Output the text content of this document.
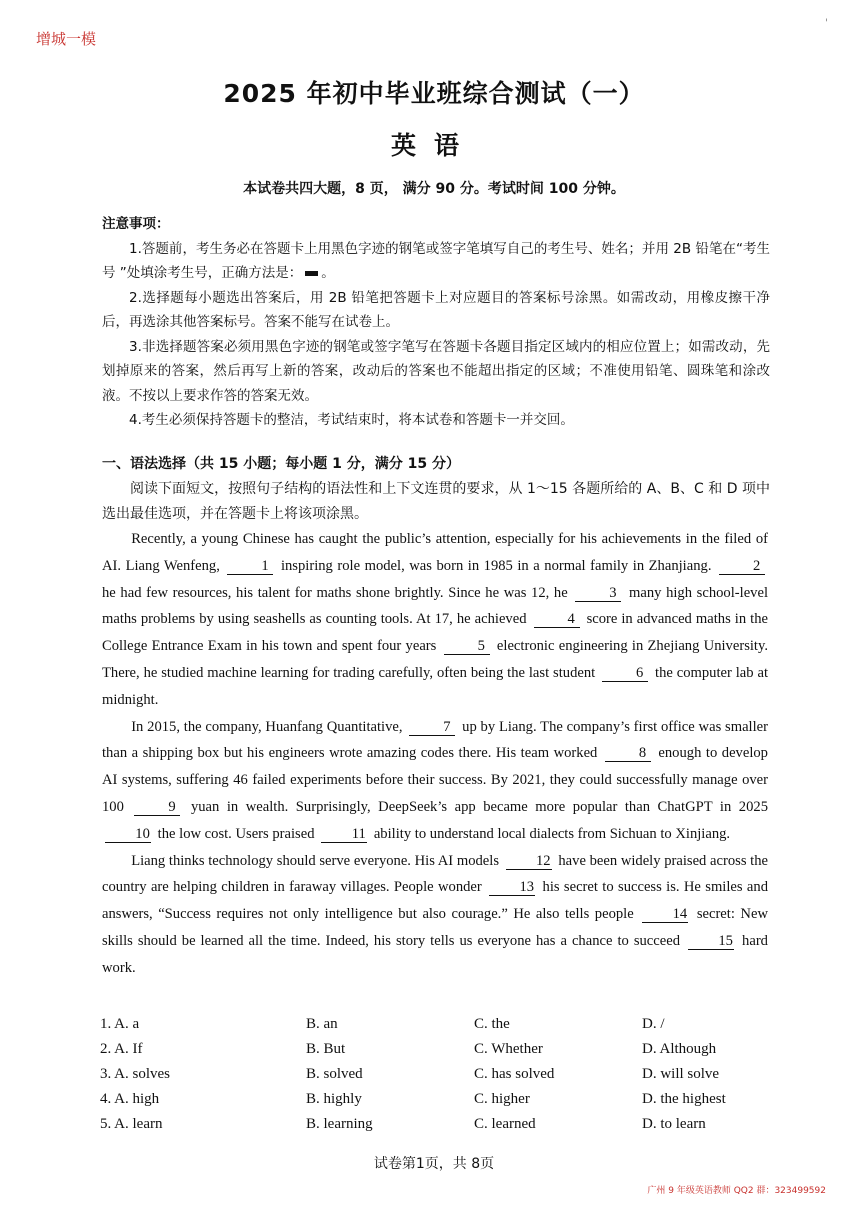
增城一模
'
2025 年初中毕业班综合测试（一）
英语
本试卷共四大题，8 页， 满分 90 分。考试时间 100 分钟。
注意事项：

1.答题前，考生务必在答题卡上用黑色字迹的钢笔或签字笔填写自己的考生号、姓名；并用 2B 铅笔在“考生号 ”处填涂考生号，正确方法是： 。

2.选择题每小题选出答案后，用 2B 铅笔把答题卡上对应题目的答案标号涂黑。如需改动，用橡皮擦干净后，再选涂其他答案标号。答案不能写在试卷上。

3.非选择题答案必须用黑色字迹的钢笔或签字笔写在答题卡各题目指定区域内的相应位置上；如需改动，先划掉原来的答案，然后再写上新的答案，改动后的答案也不能超出指定的区域；不准使用铅笔、圆珠笔和涂改液。不按以上要求作答的答案无效。

4.考生必须保持答题卡的整洁，考试结束时，将本试卷和答题卡一并交回。

一、语法选择（共 15 小题；每小题 1 分，满分 15 分）

阅读下面短文，按照句子结构的语法性和上下文连贯的要求，从 1～15 各题所给的 A、B、C 和 D 项中选出最佳选项，并在答题卡上将该项涂黑。

Recently, a young Chinese has caught the public’s attention, especially for his achievements in the filed of AI. Liang Wenfeng,	1 inspiring role model, was born in 1985 in a normal family in Zhanjiang.	2 he had few resources, his talent for maths shone brightly. Since he was 12, he	3 many high school-level maths problems by using seashells as counting tools. At 17, he achieved	4 score in advanced maths in the College Entrance Exam in his town and spent four years	5 electronic engineering in Zhejiang University. There, he studied machine learning for trading carefully, often being the last student	6 the computer lab at midnight.

In 2015, the company, Huanfang Quantitative,	7 up by Liang. The company’s first office was smaller than a shipping box but his engineers wrote amazing codes there. His team worked	8 enough to develop AI systems, suffering 46 failed experiments before their success. By 2021, they could successfully manage over 100	9 yuan in wealth. Surprisingly, DeepSeek’s app became more popular than ChatGPT in 2025 10 the low cost. Users praised	11 ability to understand local dialects from Sichuan to Xinjiang.

Liang thinks technology should serve everyone. His AI models	12 have been widely praised across the country are helping children in faraway villages. People wonder	13 his secret to success is. He smiles and answers, “Success requires not only intelligence but also courage.” He also tells people	14 secret: New skills should be learned all the time. Indeed, his story tells us everyone has a chance to succeed	15 hard work.

1. A. a	B. an	C. the	D. /
2. A. If	B. But	C. Whether	D. Although
3. A. solves	B. solved	C. has solved	D. will solve
4. A. high	B. highly	C. higher	D. the highest
5. A. learn	B. learning	C. learned	D. to learn
试卷第1页，共 8页
广州 9 年级英语教师 QQ2 群：323499592
